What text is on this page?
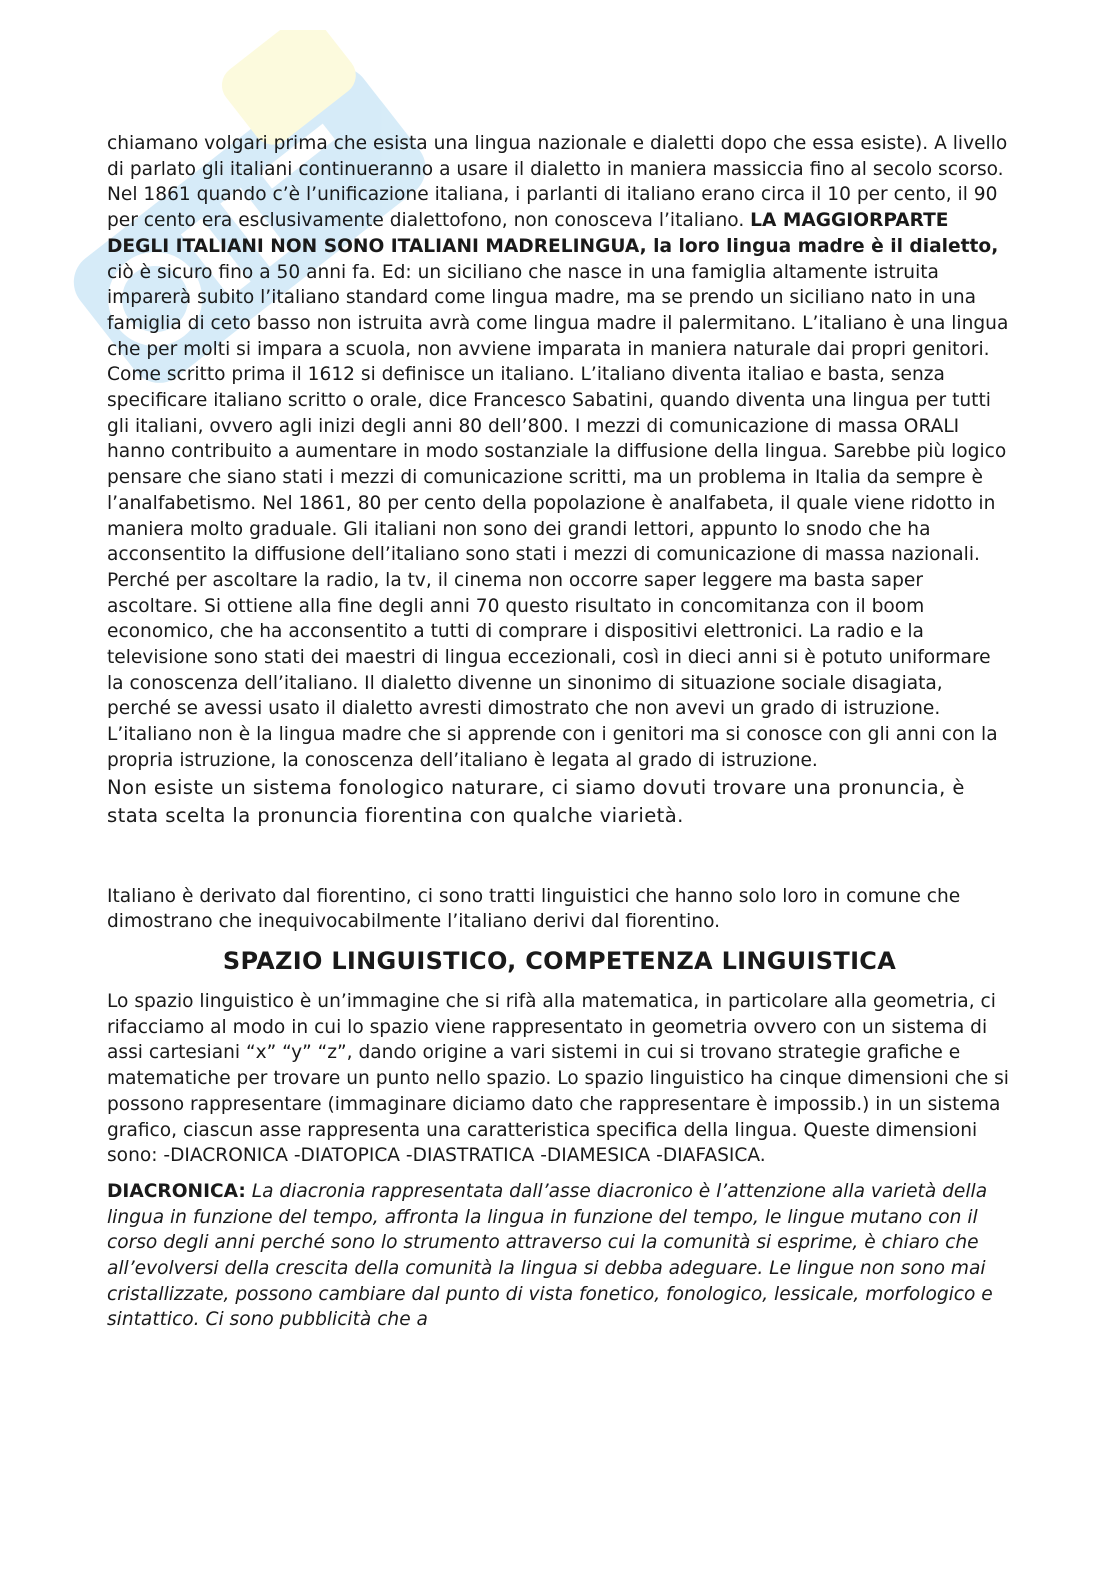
chiamano volgari prima che esista una lingua nazionale e dialetti dopo che essa esiste). A livello di parlato gli italiani continueranno a usare il dialetto in maniera massiccia fino al secolo scorso. Nel 1861 quando c’è l’unificazione italiana, i parlanti di italiano erano circa il 10 per cento, il 90 per cento era esclusivamente dialettofono, non conosceva l’italiano. LA MAGGIORPARTE DEGLI ITALIANI NON SONO ITALIANI MADRELINGUA, la loro lingua madre è il dialetto, ciò è sicuro fino a 50 anni fa. Ed: un siciliano che nasce in una famiglia altamente istruita imparerà subito l’italiano standard come lingua madre, ma se prendo un siciliano nato in una famiglia di ceto basso non istruita avrà come lingua madre il palermitano. L’italiano è una lingua che per molti si impara a scuola, non avviene imparata in maniera naturale dai propri genitori. Come scritto prima il 1612 si definisce un italiano. L’italiano diventa italiao e basta, senza specificare italiano scritto o orale, dice Francesco Sabatini, quando diventa una lingua per tutti gli italiani, ovvero agli inizi degli anni 80 dell’800. I mezzi di comunicazione di massa ORALI hanno contribuito a aumentare in modo sostanziale la diffusione della lingua. Sarebbe più logico pensare che siano stati i mezzi di comunicazione scritti, ma un problema in Italia da sempre è l’analfabetismo. Nel 1861, 80 per cento della popolazione è analfabeta, il quale viene ridotto in maniera molto graduale. Gli italiani non sono dei grandi lettori, appunto lo snodo che ha acconsentito la diffusione dell’italiano sono stati i mezzi di comunicazione di massa nazionali. Perché per ascoltare la radio, la tv, il cinema non occorre saper leggere ma basta saper ascoltare. Si ottiene alla fine degli anni 70 questo risultato in concomitanza con il boom economico, che ha acconsentito a tutti di comprare i dispositivi elettronici. La radio e la televisione sono stati dei maestri di lingua eccezionali, così in dieci anni si è potuto uniformare la conoscenza dell’italiano. Il dialetto divenne un sinonimo di situazione sociale disagiata, perché se avessi usato il dialetto avresti dimostrato che non avevi un grado di istruzione. L’italiano non è la lingua madre che si apprende con i genitori ma si conosce con gli anni con la propria istruzione, la conoscenza dell’italiano è legata al grado di istruzione.

Non esiste un sistema fonologico naturare, ci siamo dovuti trovare una pronuncia, è stata scelta la pronuncia fiorentina con qualche viarietà.

Italiano è derivato dal fiorentino, ci sono tratti linguistici che hanno solo loro in comune che dimostrano che inequivocabilmente l’italiano derivi dal fiorentino.

SPAZIO LINGUISTICO, COMPETENZA LINGUISTICA

Lo spazio linguistico è un’immagine che si rifà alla matematica, in particolare alla geometria, ci rifacciamo al modo in cui lo spazio viene rappresentato in geometria ovvero con un sistema di assi cartesiani “x” “y” “z”, dando origine a vari sistemi in cui si trovano strategie grafiche e matematiche per trovare un punto nello spazio. Lo spazio linguistico ha cinque dimensioni che si possono rappresentare (immaginare diciamo dato che rappresentare è impossib.) in un sistema grafico, ciascun asse rappresenta una caratteristica specifica della lingua. Queste dimensioni sono: -DIACRONICA -DIATOPICA -DIASTRATICA -DIAMESICA -DIAFASICA.

DIACRONICA: La diacronia rappresentata dall’asse diacronico è l’attenzione alla varietà della lingua in funzione del tempo, affronta la lingua in funzione del tempo, le lingue mutano con il corso degli anni perché sono lo strumento attraverso cui la comunità si esprime, è chiaro che all’evolversi della crescita della comunità la lingua si debba adeguare. Le lingue non sono mai cristallizzate, possono cambiare dal punto di vista fonetico, fonologico, lessicale, morfologico e sintattico. Ci sono pubblicità che a
